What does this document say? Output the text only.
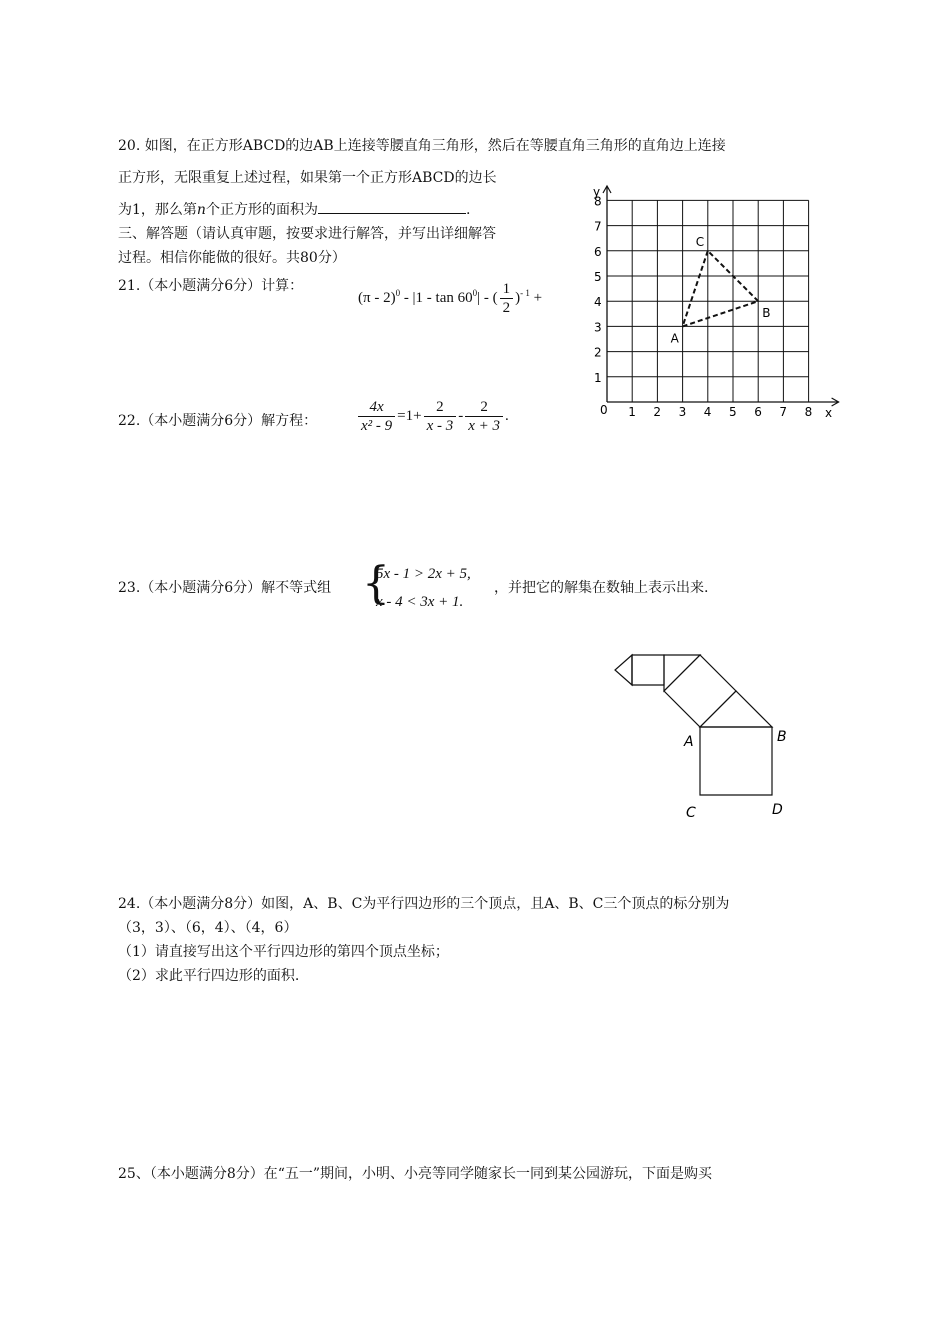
20. 如图，在正方形ABCD的边AB上连接等腰直角三角形，然后在等腰直角三角形的直角边上连接
正方形，无限重复上述过程，如果第一个正方形ABCD的边长
为1，那么第n个正方形的面积为	.
三、解答题（请认真审题，按要求进行解答，并写出详细解答
过程。相信你能做的很好。共80分）
21.（本小题满分6分）计算：
$(\pi - 2)^0 - |1 - \tan 60^0|$ - ( $\frac{1}{2} )^{- 1}$ +
22.（本小题满分6分）解方程：	$\frac{4x}{\text{x² - 9}} =1+ \frac{2}{x - 3} - \frac{2}{x + 3}$ .
23.（本小题满分6分）解不等式组 {
5x - 1 > 2x + 5,
x - 4 < 3x + 1.
，并把它的解集在数轴上表示出来.
1 2 3 4 5 6 7 8
1
2
3
4
5
6
7
8
A
B
C
y
x
0
A	B
C	D
24.（本小题满分8分）如图，A、B、C为平行四边形的三个顶点，且A、B、C三个顶点的标分别为
（3，3）、（6，4）、（4，6）
（1）请直接写出这个平行四边形的第四个顶点坐标；
（2）求此平行四边形的面积.
25、（本小题满分8分）在“五一”期间，小明、小亮等同学随家长一同到某公园游玩，下面是购买
